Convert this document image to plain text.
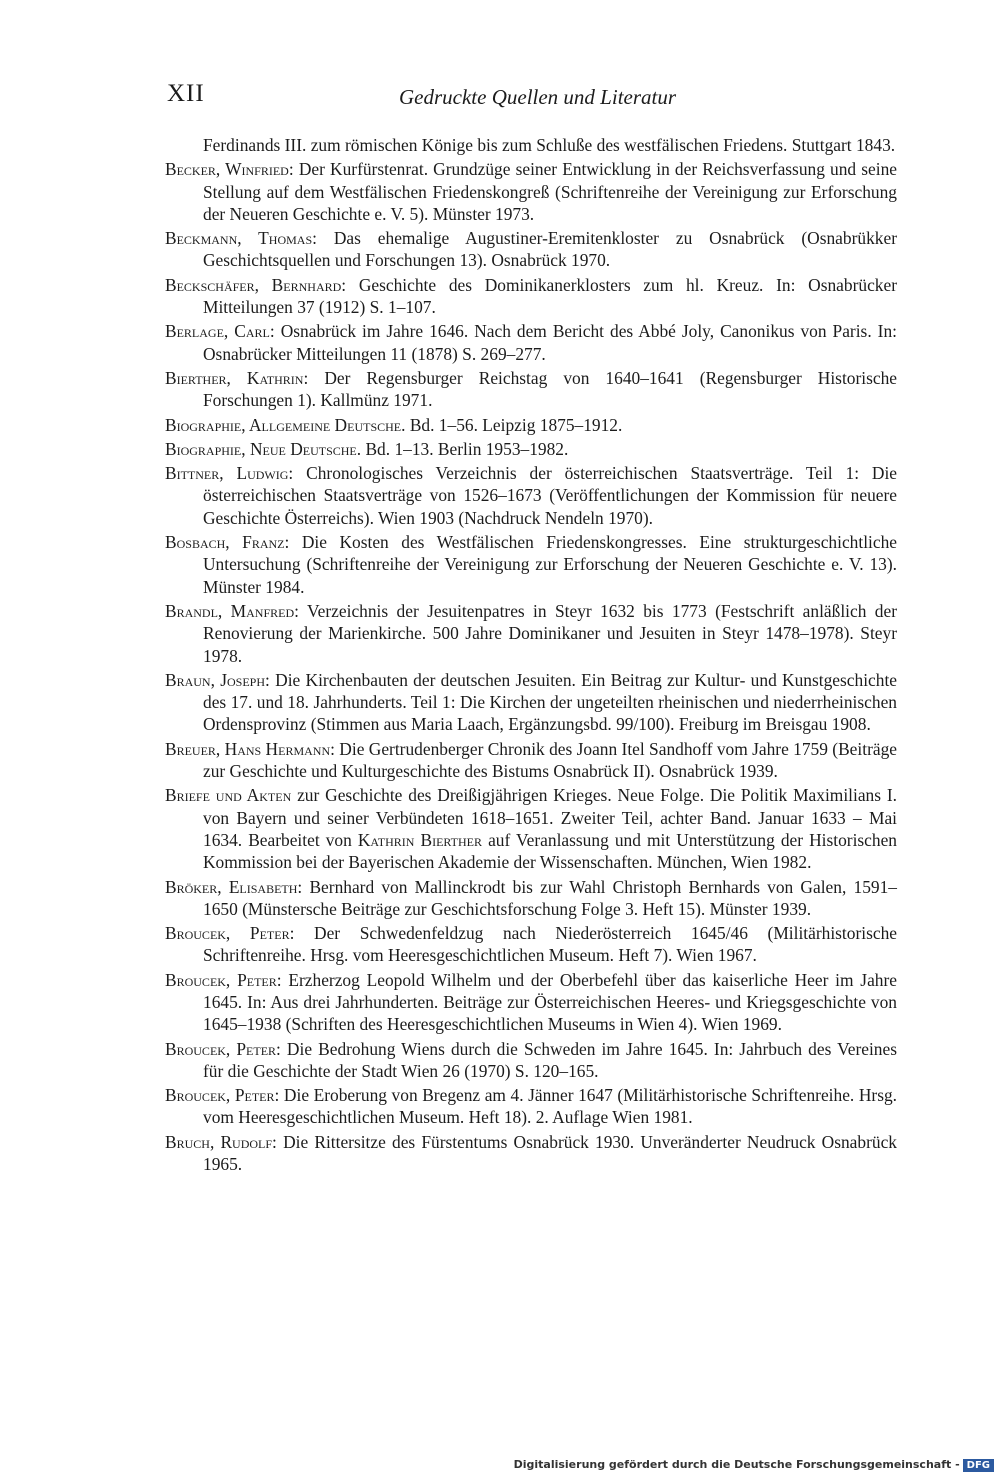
XII	Gedruckte Quellen und Literatur

Ferdinands III. zum römischen Königе bis zum Schluße des westfälischen Friedens. Stuttgart 1843.

Becker, Winfried: Der Kurfürstenrat. Grundzüge seiner Entwicklung in der Reichsverfassung und seine Stellung auf dem Westfälischen Friedenskongreß (Schriftenreihe der Vereinigung zur Erforschung der Neueren Geschichte e. V. 5). Münster 1973.

Beckmann, Thomas: Das ehemalige Augustiner-Eremitenkloster zu Osnabrück (Osnabrükker Geschichtsquellen und Forschungen 13). Osnabrück 1970.

Beckschäfer, Bernhard: Geschichte des Dominikanerklosters zum hl. Kreuz. In: Osnabrücker Mitteilungen 37 (1912) S. 1–107.

Berlage, Carl: Osnabrück im Jahre 1646. Nach dem Bericht des Abbé Joly, Canonikus von Paris. In: Osnabrücker Mitteilungen 11 (1878) S. 269–277.

Bierther, Kathrin: Der Regensburger Reichstag von 1640–1641 (Regensburger Historische Forschungen 1). Kallmünz 1971.

Biographie, Allgemeine Deutsche. Bd. 1–56. Leipzig 1875–1912.

Biographie, Neue Deutsche. Bd. 1–13. Berlin 1953–1982.

Bittner, Ludwig: Chronologisches Verzeichnis der österreichischen Staatsverträge. Teil 1: Die österreichischen Staatsverträge von 1526–1673 (Veröffentlichungen der Kommission für neuere Geschichte Österreichs). Wien 1903 (Nachdruck Nendeln 1970).

Bosbach, Franz: Die Kosten des Westfälischen Friedenskongresses. Eine strukturgeschichtliche Untersuchung (Schriftenreihe der Vereinigung zur Erforschung der Neueren Geschichte e. V. 13). Münster 1984.

Brandl, Manfred: Verzeichnis der Jesuitenpatres in Steyr 1632 bis 1773 (Festschrift anläßlich der Renovierung der Marienkirche. 500 Jahre Dominikaner und Jesuiten in Steyr 1478–1978). Steyr 1978.

Braun, Joseph: Die Kirchenbauten der deutschen Jesuiten. Ein Beitrag zur Kultur- und Kunstgeschichte des 17. und 18. Jahrhunderts. Teil 1: Die Kirchen der ungeteilten rheinischen und niederrheinischen Ordensprovinz (Stimmen aus Maria Laach, Ergänzungsbd. 99/100). Freiburg im Breisgau 1908.

Breuer, Hans Hermann: Die Gertrudenberger Chronik des Joann Itel Sandhoff vom Jahre 1759 (Beiträge zur Geschichte und Kulturgeschichte des Bistums Osnabrück II). Osnabrück 1939.

Briefe und Akten zur Geschichte des Dreißigjährigen Krieges. Neue Folge. Die Politik Maximilians I. von Bayern und seiner Verbündeten 1618–1651. Zweiter Teil, achter Band. Januar 1633 – Mai 1634. Bearbeitet von Kathrin Bierther auf Veranlassung und mit Unterstützung der Historischen Kommission bei der Bayerischen Akademie der Wissenschaften. München, Wien 1982.

Bröker, Elisabeth: Bernhard von Mallinckrodt bis zur Wahl Christoph Bernhards von Galen, 1591–1650 (Münstersche Beiträge zur Geschichtsforschung Folge 3. Heft 15). Münster 1939.

Broucek, Peter: Der Schwedenfeldzug nach Niederösterreich 1645/46 (Militärhistorische Schriftenreihe. Hrsg. vom Heeresgeschichtlichen Museum. Heft 7). Wien 1967.

Broucek, Peter: Erzherzog Leopold Wilhelm und der Oberbefehl über das kaiserliche Heer im Jahre 1645. In: Aus drei Jahrhunderten. Beiträge zur Österreichischen Heeres- und Kriegsgeschichte von 1645–1938 (Schriften des Heeresgeschichtlichen Museums in Wien 4). Wien 1969.

Broucek, Peter: Die Bedrohung Wiens durch die Schweden im Jahre 1645. In: Jahrbuch des Vereines für die Geschichte der Stadt Wien 26 (1970) S. 120–165.

Broucek, Peter: Die Eroberung von Bregenz am 4. Jänner 1647 (Militärhistorische Schriftenreihe. Hrsg. vom Heeresgeschichtlichen Museum. Heft 18). 2. Auflage Wien 1981.

Bruch, Rudolf: Die Rittersitze des Fürstentums Osnabrück 1930. Unveränderter Neudruck Osnabrück 1965.

Digitalisierung gefördert durch die Deutsche Forschungsgemeinschaft - DFG
